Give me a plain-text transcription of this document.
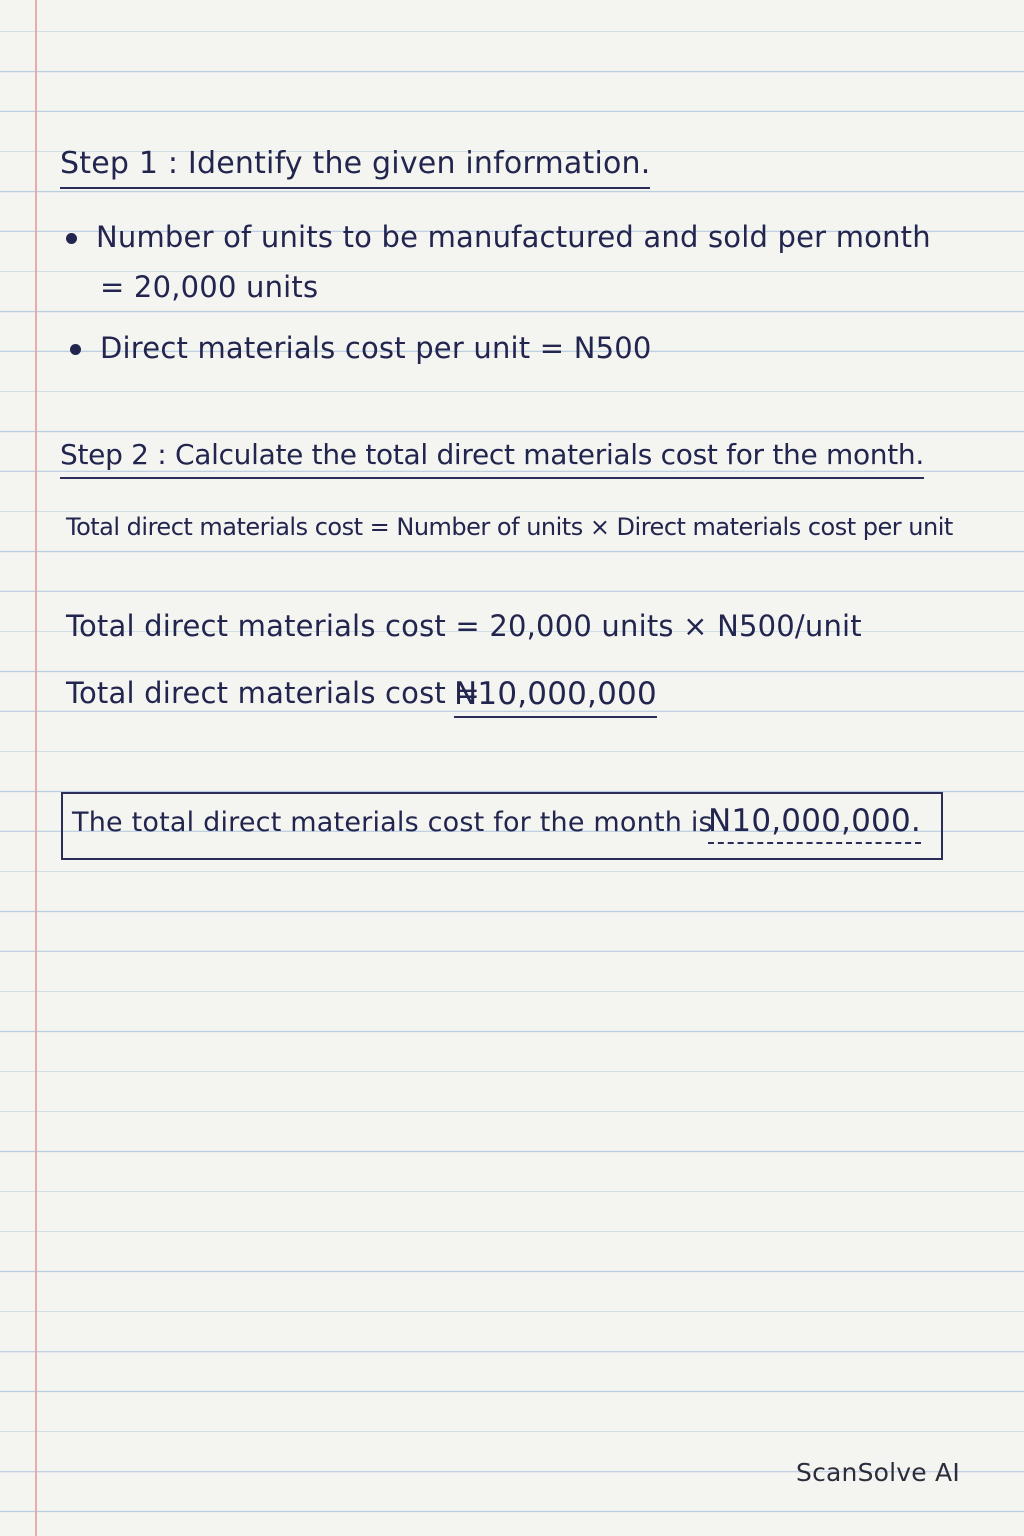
Step 1 : Identify the given information.
Number of units to be manufactured and sold per month
= 20,000 units
Direct materials cost per unit = N500
Step 2 : Calculate the total direct materials cost for the month.
Total direct materials cost = Number of units × Direct materials cost per unit
Total direct materials cost = 20,000 units × N500/unit
Total direct materials cost =
N10,000,000
The total direct materials cost for the month is
N10,000,000.
ScanSolve AI
